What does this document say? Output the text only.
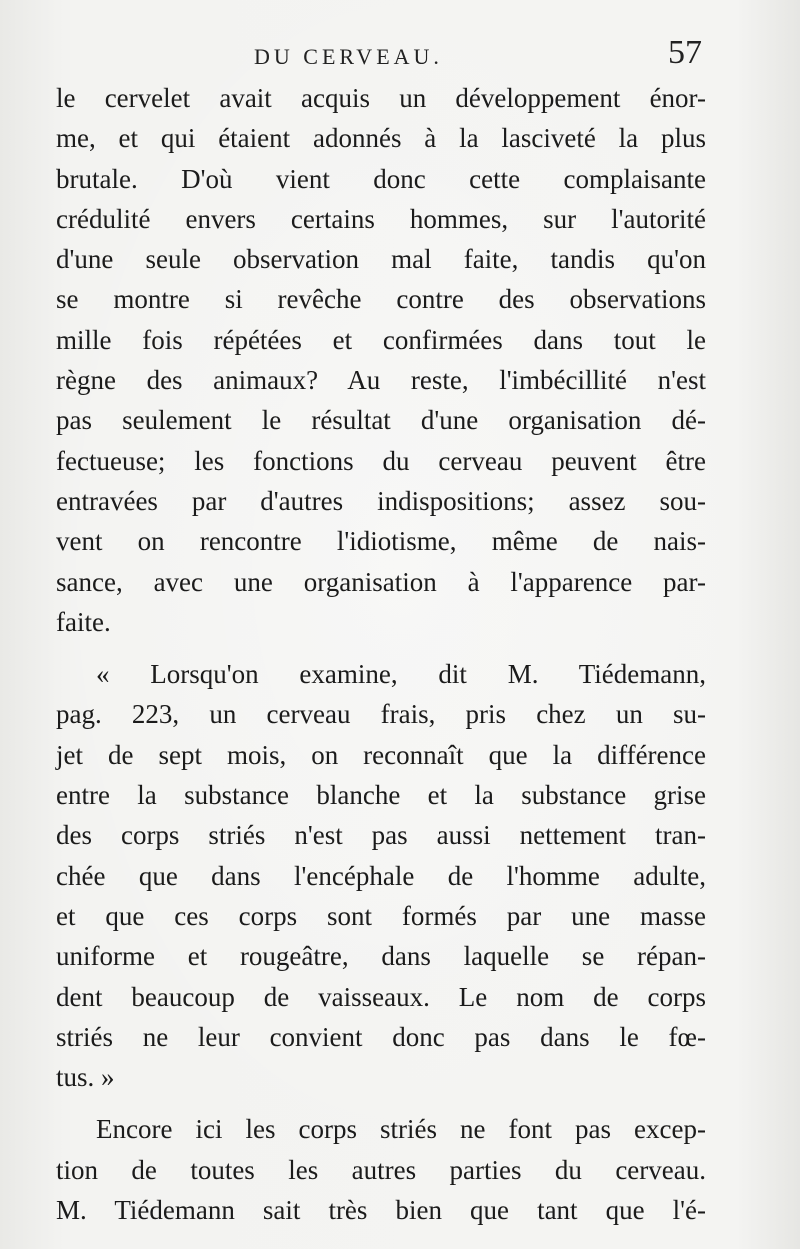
DU CERVEAU.	57
le cervelet avait acquis un développement énor-
me, et qui étaient adonnés à la lasciveté la plus
brutale. D'où vient donc cette complaisante
crédulité envers certains hommes, sur l'autorité
d'une seule observation mal faite, tandis qu'on
se montre si revêche contre des observations
mille fois répétées et confirmées dans tout le
règne des animaux? Au reste, l'imbécillité n'est
pas seulement le résultat d'une organisation dé-
fectueuse; les fonctions du cerveau peuvent être
entravées par d'autres indispositions; assez sou-
vent on rencontre l'idiotisme, même de nais-
sance, avec une organisation à l'apparence par-
faite.
« Lorsqu'on examine, dit M. Tiédemann,
pag. 223, un cerveau frais, pris chez un su-
jet de sept mois, on reconnaît que la différence
entre la substance blanche et la substance grise
des corps striés n'est pas aussi nettement tran-
chée que dans l'encéphale de l'homme adulte,
et que ces corps sont formés par une masse
uniforme et rougeâtre, dans laquelle se répan-
dent beaucoup de vaisseaux. Le nom de corps
striés ne leur convient donc pas dans le fœ-
tus. »
Encore ici les corps striés ne font pas excep-
tion de toutes les autres parties du cerveau.
M. Tiédemann sait très bien que tant que l'é-
